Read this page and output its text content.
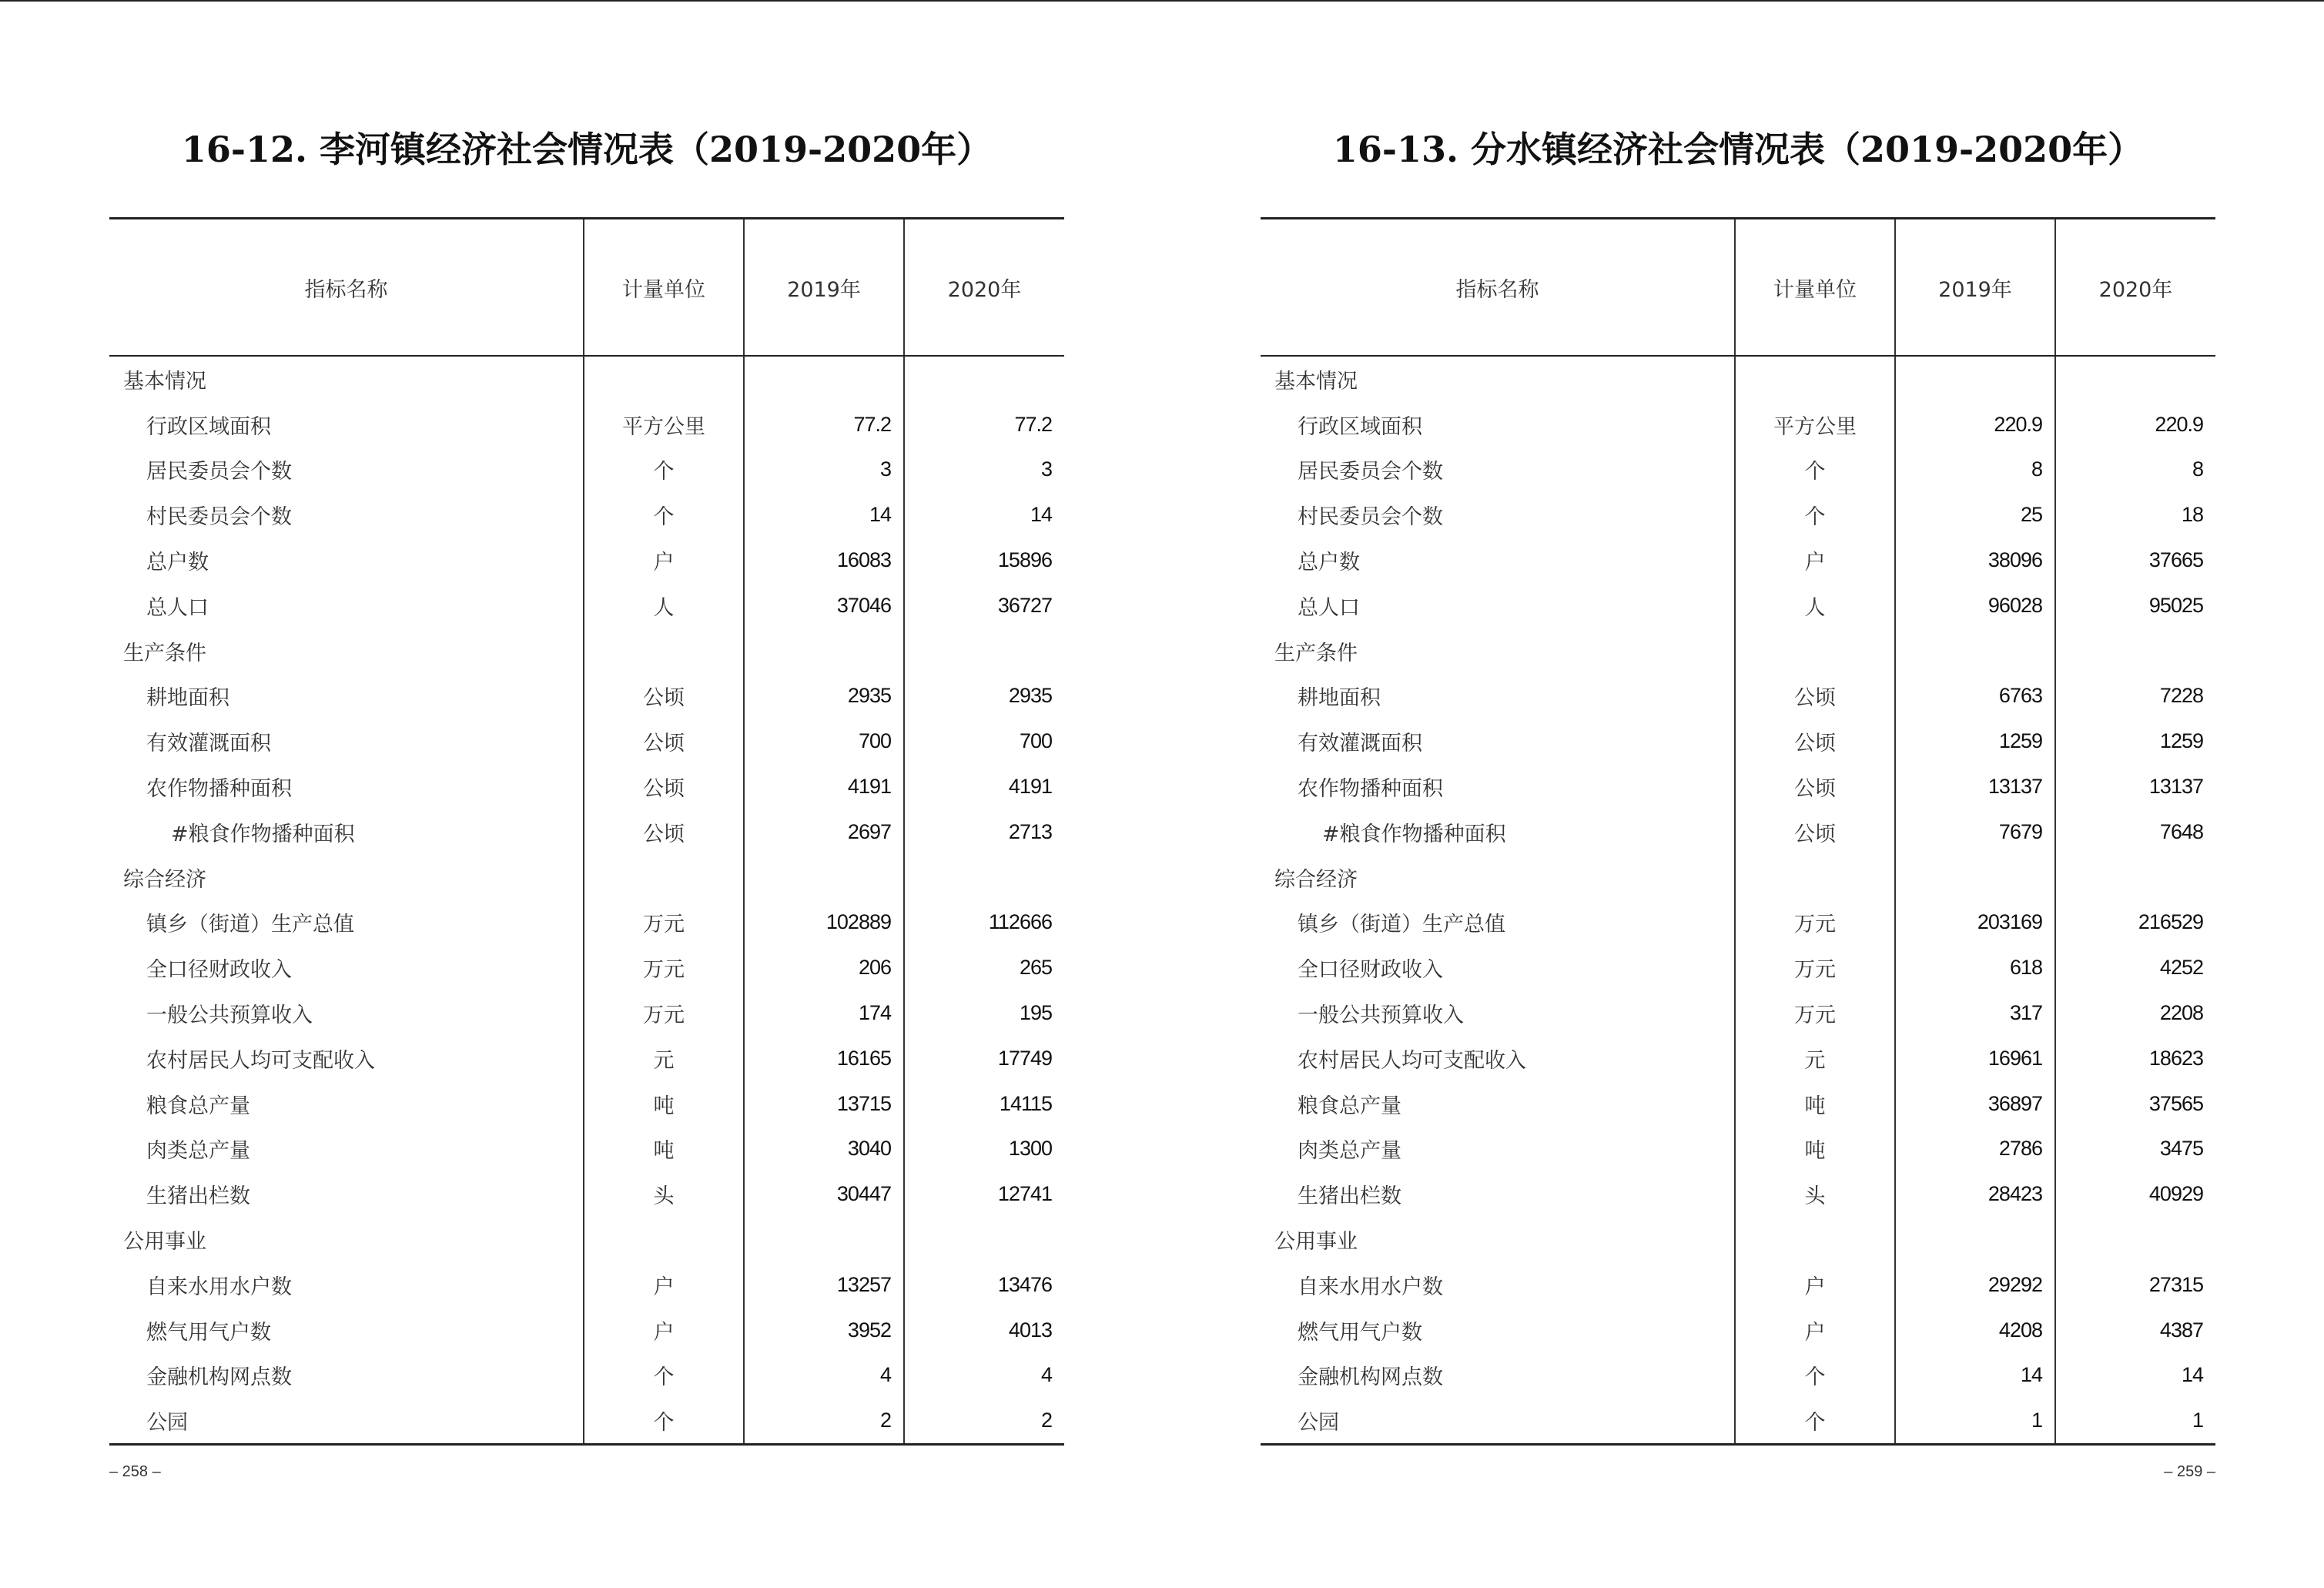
16-12. 李河镇经济社会情况表（2019-2020年）
指标名称	计量单位	2019年	2020年
基本情况			
行政区域面积	平方公里	77.2	77.2
居民委员会个数	个	3	3
村民委员会个数	个	14	14
总户数	户	16083	15896
总人口	人	37046	36727
生产条件			
耕地面积	公顷	2935	2935
有效灌溉面积	公顷	700	700
农作物播种面积	公顷	4191	4191
#粮食作物播种面积	公顷	2697	2713
综合经济			
镇乡（街道）生产总值	万元	102889	112666
全口径财政收入	万元	206	265
一般公共预算收入	万元	174	195
农村居民人均可支配收入	元	16165	17749
粮食总产量	吨	13715	14115
肉类总产量	吨	3040	1300
生猪出栏数	头	30447	12741
公用事业			
自来水用水户数	户	13257	13476
燃气用气户数	户	3952	4013
金融机构网点数	个	4	4
公园	个	2	2
– 258 –
16-13. 分水镇经济社会情况表（2019-2020年）
指标名称	计量单位	2019年	2020年
基本情况			
行政区域面积	平方公里	220.9	220.9
居民委员会个数	个	8	8
村民委员会个数	个	25	18
总户数	户	38096	37665
总人口	人	96028	95025
生产条件			
耕地面积	公顷	6763	7228
有效灌溉面积	公顷	1259	1259
农作物播种面积	公顷	13137	13137
#粮食作物播种面积	公顷	7679	7648
综合经济			
镇乡（街道）生产总值	万元	203169	216529
全口径财政收入	万元	618	4252
一般公共预算收入	万元	317	2208
农村居民人均可支配收入	元	16961	18623
粮食总产量	吨	36897	37565
肉类总产量	吨	2786	3475
生猪出栏数	头	28423	40929
公用事业			
自来水用水户数	户	29292	27315
燃气用气户数	户	4208	4387
金融机构网点数	个	14	14
公园	个	1	1
– 259 –
